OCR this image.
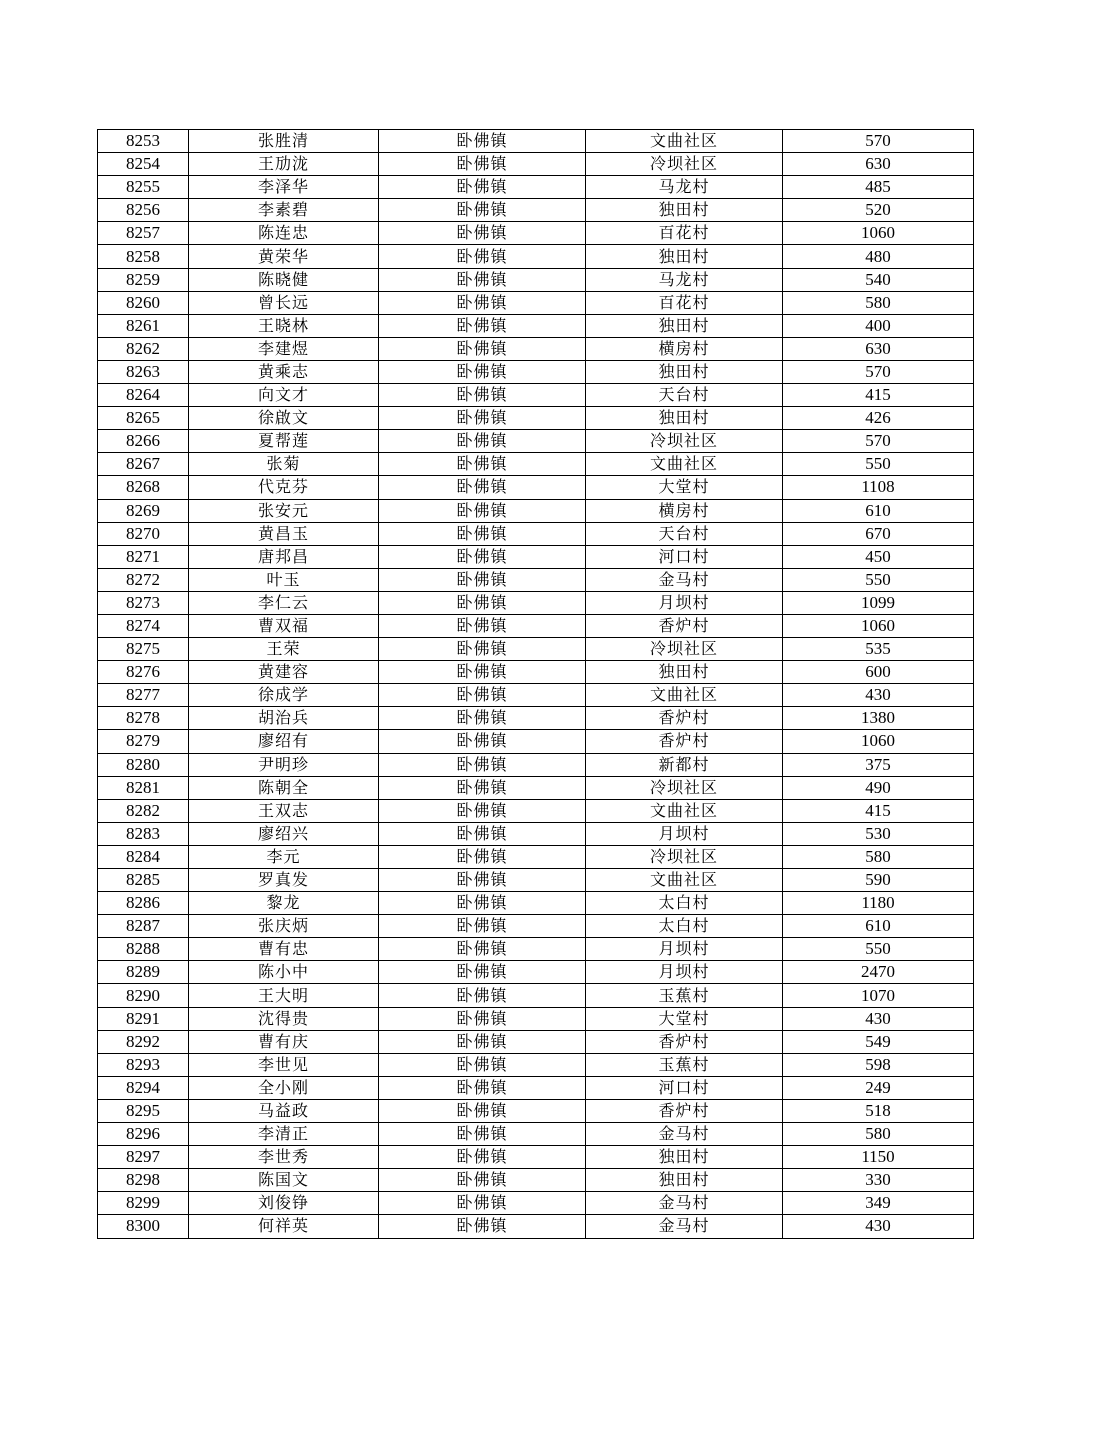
8253	张胜清	卧佛镇	文曲社区	570
8254	王劢泷	卧佛镇	冷坝社区	630
8255	李泽华	卧佛镇	马龙村	485
8256	李素碧	卧佛镇	独田村	520
8257	陈连忠	卧佛镇	百花村	1060
8258	黄荣华	卧佛镇	独田村	480
8259	陈晓健	卧佛镇	马龙村	540
8260	曾长远	卧佛镇	百花村	580
8261	王晓林	卧佛镇	独田村	400
8262	李建煜	卧佛镇	横房村	630
8263	黄乘志	卧佛镇	独田村	570
8264	向文才	卧佛镇	天台村	415
8265	徐啟文	卧佛镇	独田村	426
8266	夏帮莲	卧佛镇	冷坝社区	570
8267	张菊	卧佛镇	文曲社区	550
8268	代克芬	卧佛镇	大堂村	1108
8269	张安元	卧佛镇	横房村	610
8270	黄昌玉	卧佛镇	天台村	670
8271	唐邦昌	卧佛镇	河口村	450
8272	叶玉	卧佛镇	金马村	550
8273	李仁云	卧佛镇	月坝村	1099
8274	曹双福	卧佛镇	香炉村	1060
8275	王荣	卧佛镇	冷坝社区	535
8276	黄建容	卧佛镇	独田村	600
8277	徐成学	卧佛镇	文曲社区	430
8278	胡治兵	卧佛镇	香炉村	1380
8279	廖绍有	卧佛镇	香炉村	1060
8280	尹明珍	卧佛镇	新都村	375
8281	陈朝全	卧佛镇	冷坝社区	490
8282	王双志	卧佛镇	文曲社区	415
8283	廖绍兴	卧佛镇	月坝村	530
8284	李元	卧佛镇	冷坝社区	580
8285	罗真发	卧佛镇	文曲社区	590
8286	黎龙	卧佛镇	太白村	1180
8287	张庆炳	卧佛镇	太白村	610
8288	曹有忠	卧佛镇	月坝村	550
8289	陈小中	卧佛镇	月坝村	2470
8290	王大明	卧佛镇	玉蕉村	1070
8291	沈得贵	卧佛镇	大堂村	430
8292	曹有庆	卧佛镇	香炉村	549
8293	李世见	卧佛镇	玉蕉村	598
8294	全小刚	卧佛镇	河口村	249
8295	马益政	卧佛镇	香炉村	518
8296	李清正	卧佛镇	金马村	580
8297	李世秀	卧佛镇	独田村	1150
8298	陈国文	卧佛镇	独田村	330
8299	刘俊铮	卧佛镇	金马村	349
8300	何祥英	卧佛镇	金马村	430
